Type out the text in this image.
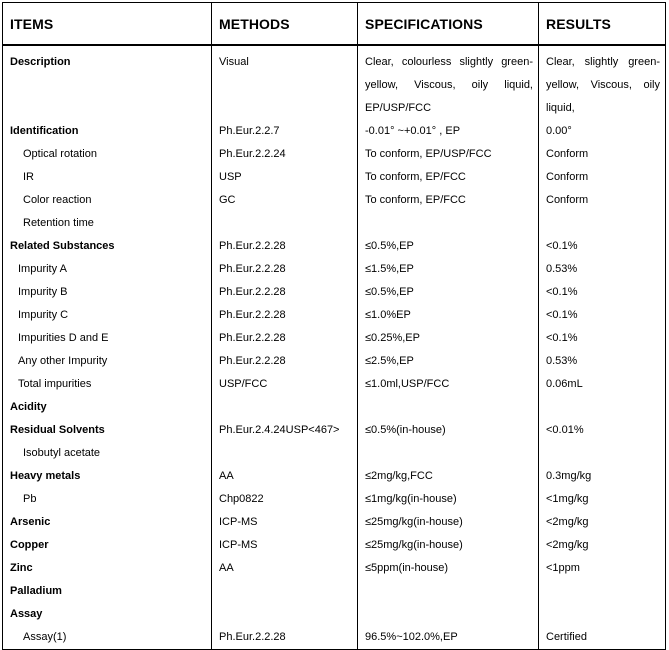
ITEMS	METHODS	SPECIFICATIONS	RESULTS
Description	Visual	Clear, colourless slightly green-yellow, Viscous, oily liquid, EP/USP/FCC	Clear, slightly green-yellow, Viscous, oily liquid,
Identification	Ph.Eur.2.2.7	-0.01° ~+0.01° , EP	0.00°
Optical rotation	Ph.Eur.2.2.24	To conform, EP/USP/FCC	Conform
IR	USP	To conform, EP/FCC	Conform
Color reaction	GC	To conform, EP/FCC	Conform
Retention time			
Related Substances	Ph.Eur.2.2.28	≤0.5%,EP	<0.1%
Impurity A	Ph.Eur.2.2.28	≤1.5%,EP	0.53%
Impurity B	Ph.Eur.2.2.28	≤0.5%,EP	<0.1%
Impurity C	Ph.Eur.2.2.28	≤1.0%EP	<0.1%
Impurities D and E	Ph.Eur.2.2.28	≤0.25%,EP	<0.1%
Any other Impurity	Ph.Eur.2.2.28	≤2.5%,EP	0.53%
Total impurities	USP/FCC	≤1.0ml,USP/FCC	0.06mL
Acidity			
Residual Solvents	Ph.Eur.2.4.24USP<467>	≤0.5%(in-house)	<0.01%
Isobutyl acetate			
Heavy metals	AA	≤2mg/kg,FCC	0.3mg/kg
Pb	Chp0822	≤1mg/kg(in-house)	<1mg/kg
Arsenic	ICP-MS	≤25mg/kg(in-house)	<2mg/kg
Copper	ICP-MS	≤25mg/kg(in-house)	<2mg/kg
Zinc	AA	≤5ppm(in-house)	<1ppm
Palladium			
Assay			
Assay(1)	Ph.Eur.2.2.28	96.5%~102.0%,EP	Certified
